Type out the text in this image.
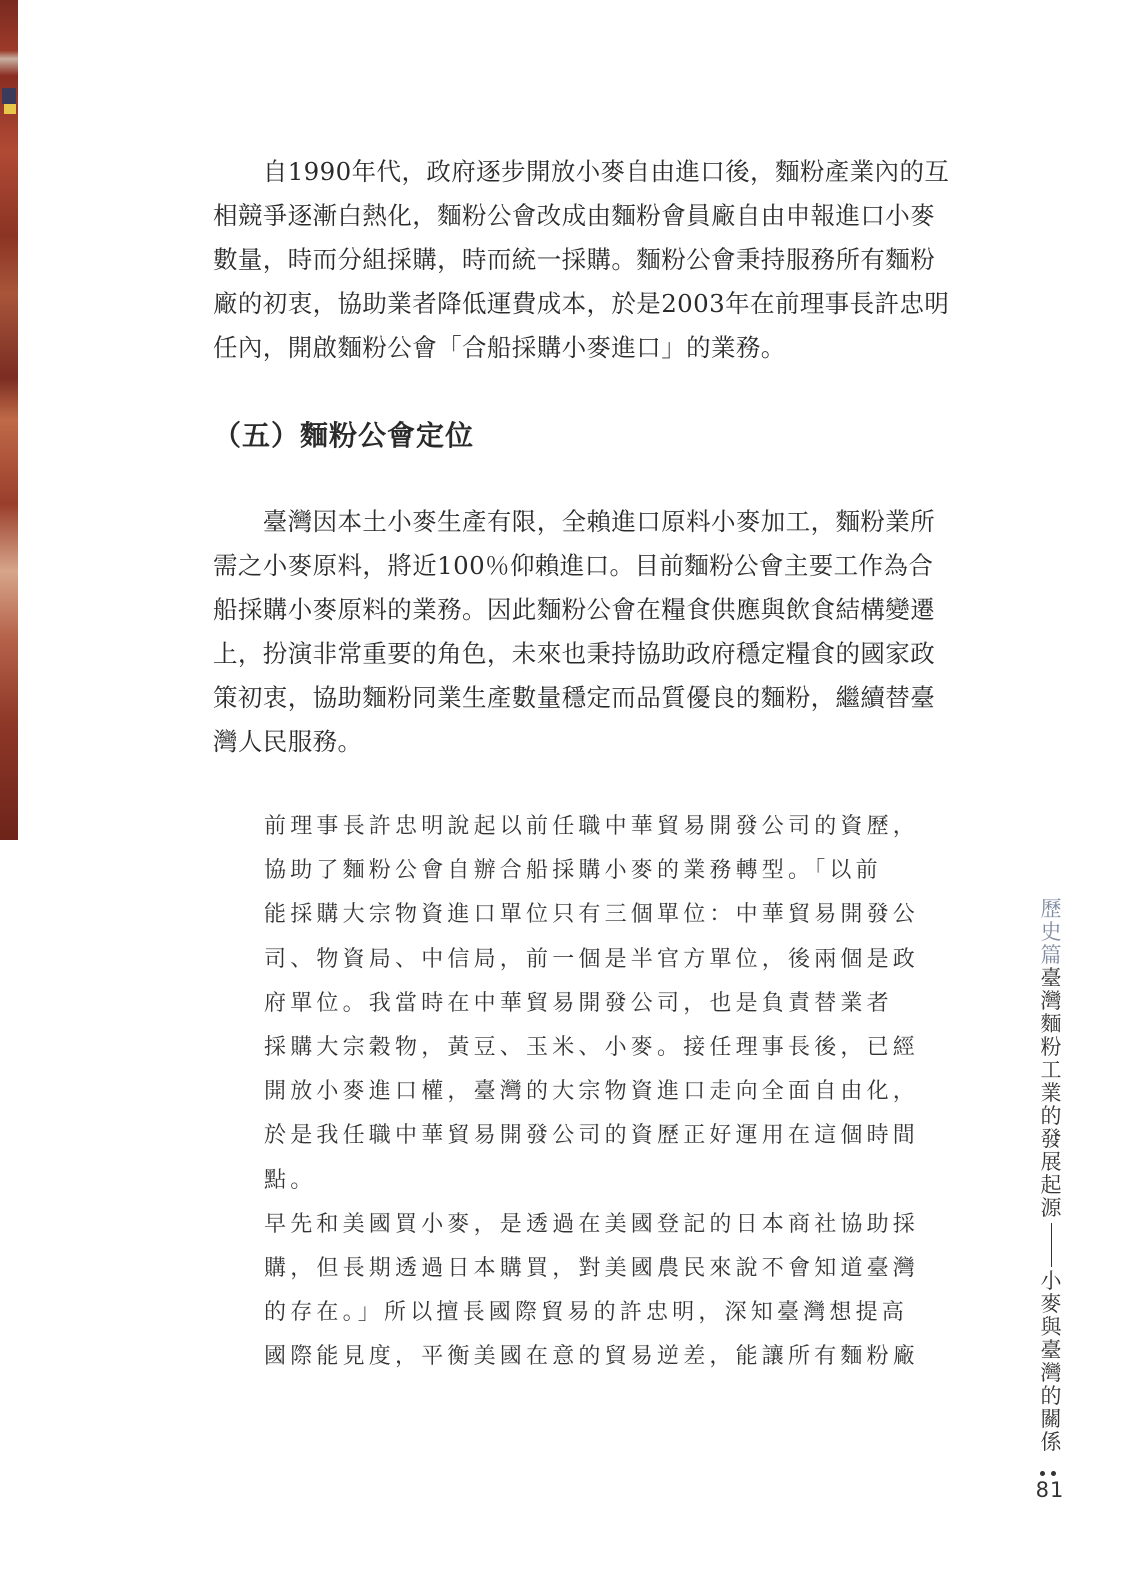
　　自1990年代，政府逐步開放小麥自由進口後，麵粉產業內的互
相競爭逐漸白熱化，麵粉公會改成由麵粉會員廠自由申報進口小麥
數量，時而分組採購，時而統一採購。麵粉公會秉持服務所有麵粉
廠的初衷，協助業者降低運費成本，於是2003年在前理事長許忠明
任內，開啟麵粉公會「合船採購小麥進口」的業務。
（五）麵粉公會定位
　　臺灣因本土小麥生產有限，全賴進口原料小麥加工，麵粉業所
需之小麥原料，將近100％仰賴進口。目前麵粉公會主要工作為合
船採購小麥原料的業務。因此麵粉公會在糧食供應與飲食結構變遷
上，扮演非常重要的角色，未來也秉持協助政府穩定糧食的國家政
策初衷，協助麵粉同業生產數量穩定而品質優良的麵粉，繼續替臺
灣人民服務。
前理事長許忠明說起以前任職中華貿易開發公司的資歷，
協助了麵粉公會自辦合船採購小麥的業務轉型。「以前
能採購大宗物資進口單位只有三個單位：中華貿易開發公
司、物資局、中信局，前一個是半官方單位，後兩個是政
府單位。我當時在中華貿易開發公司，也是負責替業者
採購大宗穀物，黃豆、玉米、小麥。接任理事長後，已經
開放小麥進口權，臺灣的大宗物資進口走向全面自由化，
於是我任職中華貿易開發公司的資歷正好運用在這個時間
點。
早先和美國買小麥，是透過在美國登記的日本商社協助採
購，但長期透過日本購買，對美國農民來說不會知道臺灣
的存在。」所以擅長國際貿易的許忠明，深知臺灣想提高
國際能見度，平衡美國在意的貿易逆差，能讓所有麵粉廠
歷史篇
臺灣麵粉工業的發展起源
小麥與臺灣的關係
81
